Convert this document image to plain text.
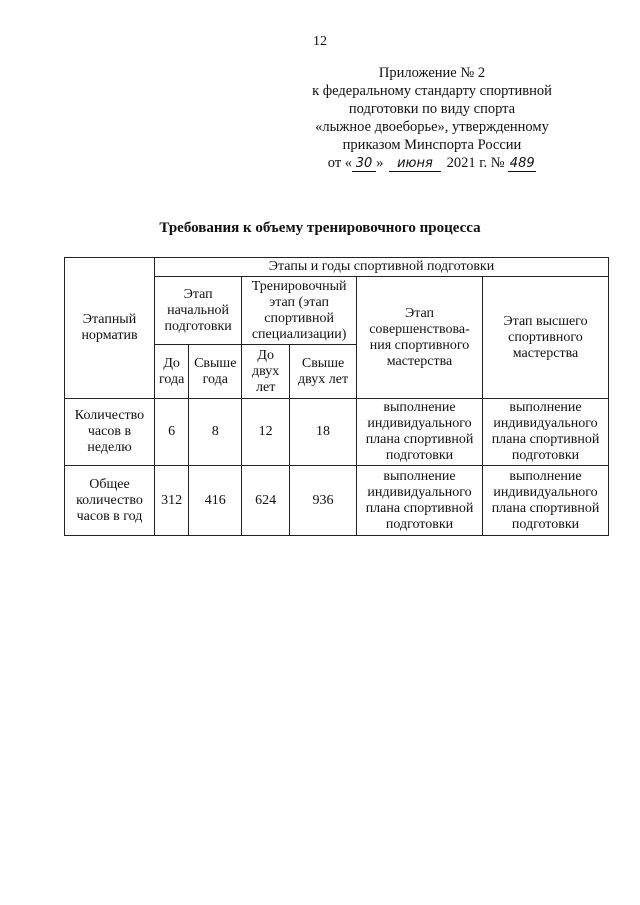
12
Приложение № 2
к федеральному стандарту спортивной
подготовки по виду спорта
«лыжное двоеборье», утвержденному
приказом Минспорта России
от « 30 » июня 2021 г. № 489
Требования к объему тренировочного процесса
Этапный норматив	Этапы и годы спортивной подготовки					
	Этап начальной подготовки		Тренировочный этап (этап спортивной специализации)		Этап совершенствова-ния спортивного мастерства	Этап высшего спортивного мастерства
	До года	Свыше года	До двух лет	Свыше двух лет		
Количество часов в неделю	6	8	12	18	выполнение индивидуального плана спортивной подготовки	выполнение индивидуального плана спортивной подготовки
Общее количество часов в год	312	416	624	936	выполнение индивидуального плана спортивной подготовки	выполнение индивидуального плана спортивной подготовки
